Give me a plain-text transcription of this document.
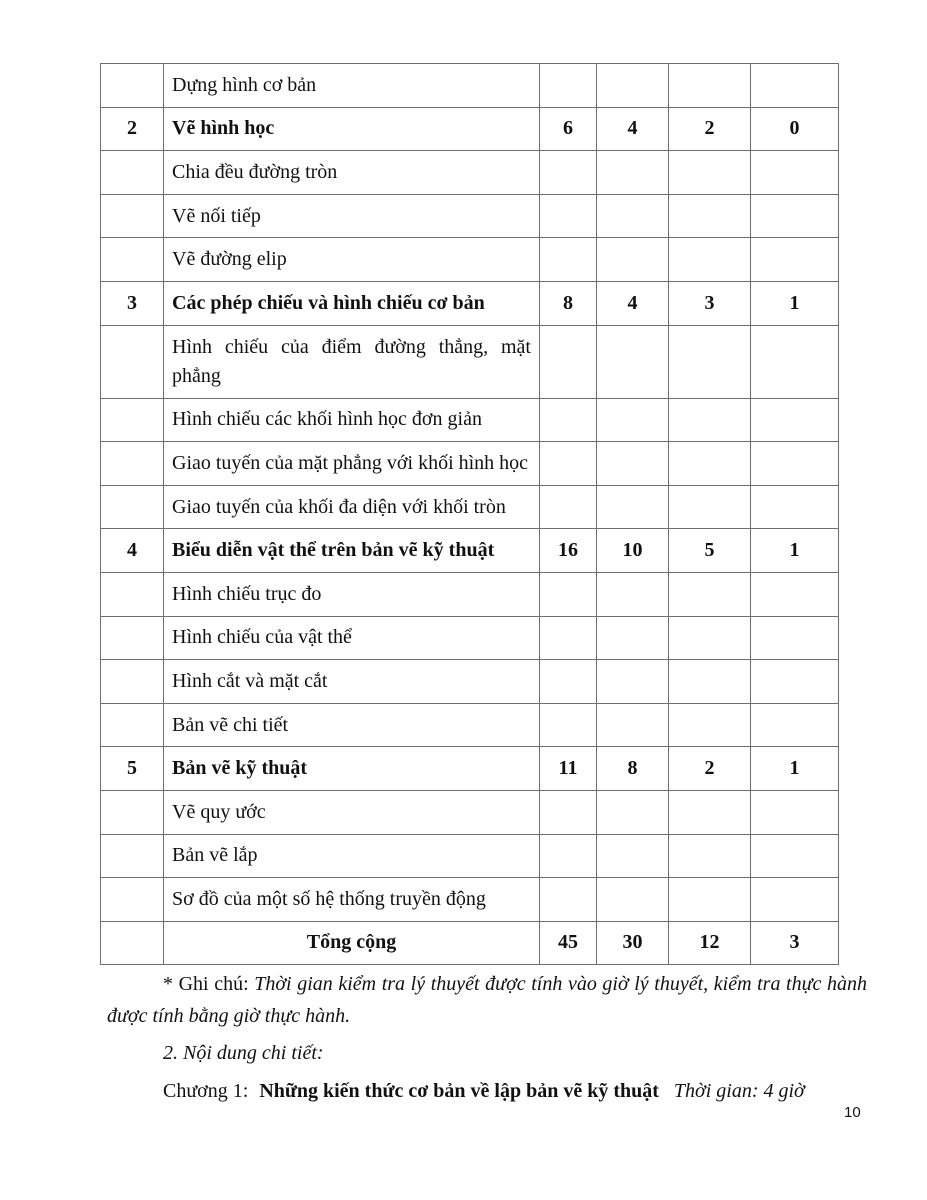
	Dựng hình cơ bản				
2	Vẽ hình học	6	4	2	0
	Chia đều đường tròn				
	Vẽ nối tiếp				
	Vẽ đường elip				
3	Các phép chiếu và hình chiếu cơ bản	8	4	3	1
	Hình chiếu của điểm đường thẳng, mặt phẳng				
	Hình chiếu các khối hình học đơn giản				
	Giao tuyến của mặt phẳng với khối hình học				
	Giao tuyến của khối đa diện với khối tròn				
4	Biểu diễn vật thể trên bản vẽ kỹ thuật	16	10	5	1
	Hình chiếu trục đo				
	Hình chiếu của vật thể				
	Hình cắt và mặt cắt				
	Bản vẽ chi tiết				
5	Bản vẽ kỹ thuật	11	8	2	1
	Vẽ quy ước				
	Bản vẽ lắp				
	Sơ đồ của một số hệ thống truyền động				
	Tổng cộng	45	30	12	3

* Ghi chú: Thời gian kiểm tra lý thuyết được tính vào giờ lý thuyết, kiểm tra thực hành

được tính bằng giờ thực hành.

2. Nội dung chi tiết:
Chương 1: Những kiến thức cơ bản về lập bản vẽ kỹ thuật Thời gian: 4 giờ
10
